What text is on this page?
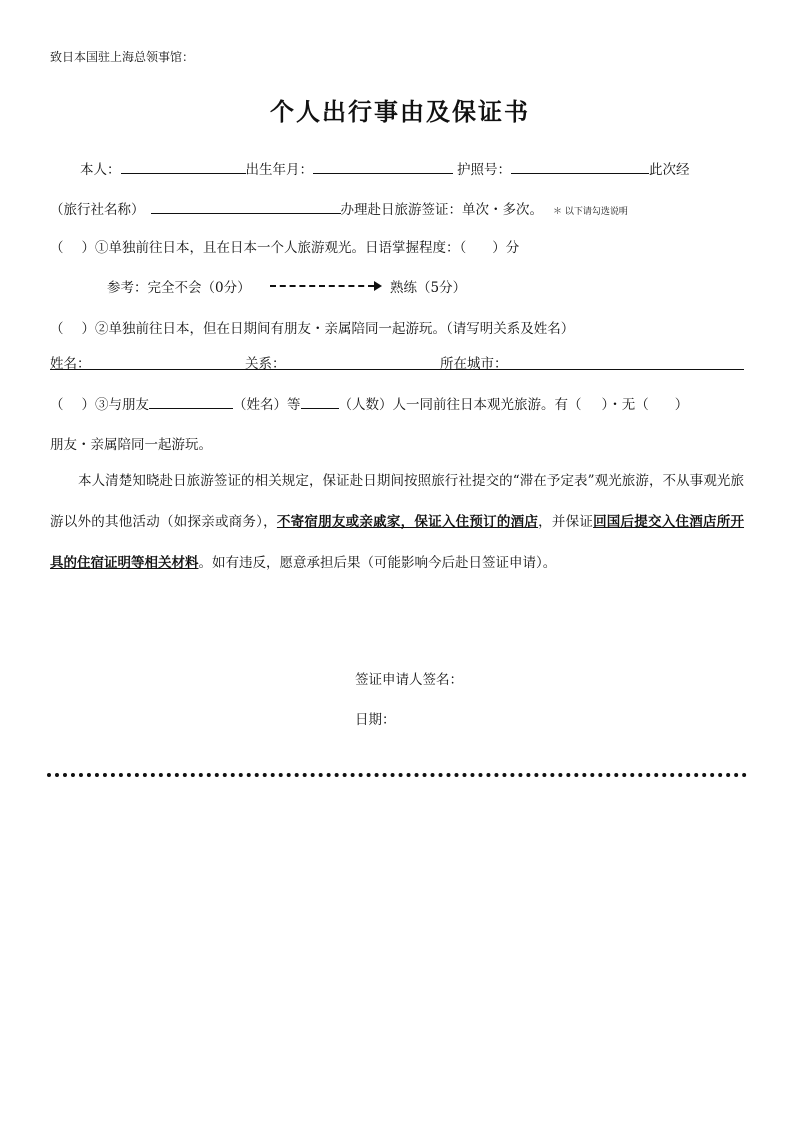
致日本国驻上海总领事馆：
个人出行事由及保证书
本人：	出生年月：	护照号：	此次经
（旅行社名称）	办理赴日旅游签证：单次・多次。 ＊ 以下请勾选说明
（ ）①单独前往日本，且在日本一个人旅游观光。日语掌握程度：（ ）分
参考：完全不会（0分）	熟练（5分）
（ ）②单独前往日本，但在日期间有朋友・亲属陪同一起游玩。（请写明关系及姓名）
姓名：	关系：	所在城市：
（ ）③与朋友	（姓名）等	（人数）人一同前往日本观光旅游。有（ ）・无（ ）
朋友・亲属陪同一起游玩。
本人清楚知晓赴日旅游签证的相关规定，保证赴日期间按照旅行社提交的“滞在予定表”观光旅游，不从事观光旅游以外的其他活动（如探亲或商务），不寄宿朋友或亲戚家，保证入住预订的酒店，并保证回国后提交入住酒店所开具的住宿证明等相关材料。如有违反，愿意承担后果（可能影响今后赴日签证申请）。
签证申请人签名：
日期：
